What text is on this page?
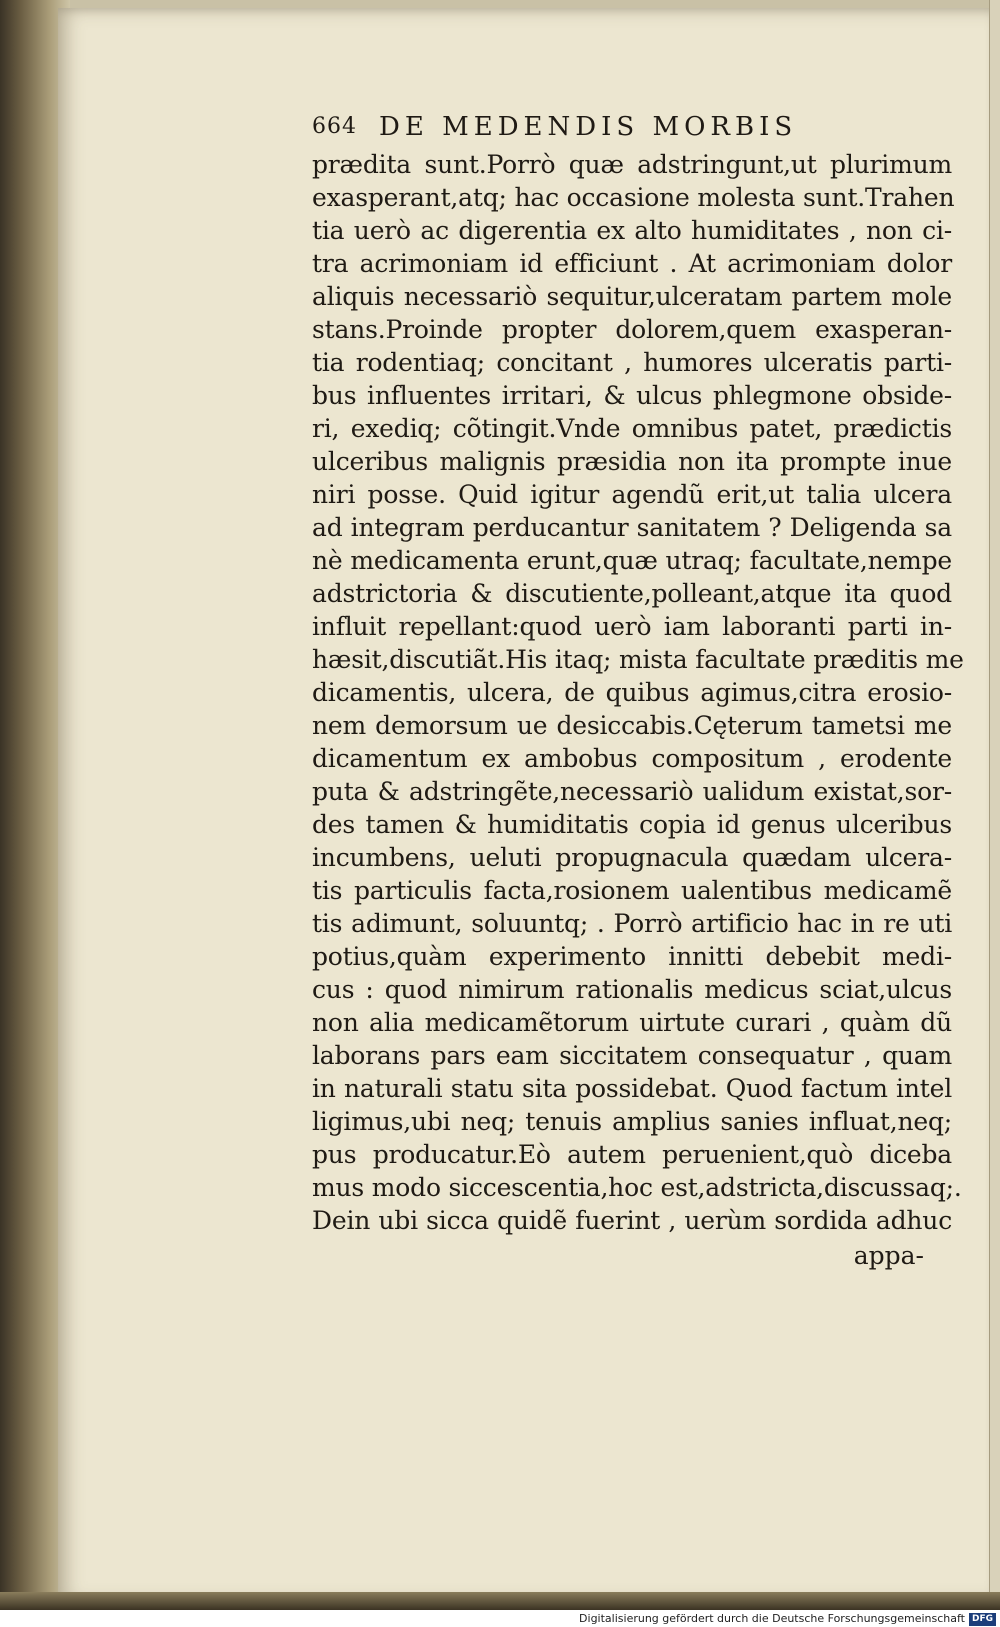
664 DE MEDENDIS MORBIS
prædita sunt.Porrò quæ adstringunt,ut plurimum
exasperant,atq; hac occasione molesta sunt.Trahen
tia uerò ac digerentia ex alto humiditates , non ci-
tra acrimoniam id efficiunt . At acrimoniam dolor
aliquis necessariò sequitur,ulceratam partem mole
stans.Proinde propter dolorem,quem exasperan-
tia rodentiaq; concitant , humores ulceratis parti-
bus influentes irritari, & ulcus phlegmone obside-
ri, exediq; cõtingit.Vnde omnibus patet, prædictis
ulceribus malignis præsidia non ita prompte inue
niri posse. Quid igitur agendũ erit,ut talia ulcera
ad integram perducantur sanitatem ? Deligenda sa
nè medicamenta erunt,quæ utraq; facultate,nempe
adstrictoria & discutiente,polleant,atque ita quod
influit repellant:quod uerò iam laboranti parti in-
hæsit,discutiãt.His itaq; mista facultate præditis me
dicamentis, ulcera, de quibus agimus,citra erosio-
nem demorsum ue desiccabis.Cęterum tametsi me
dicamentum ex ambobus compositum , erodente
puta & adstringẽte,necessariò ualidum existat,sor-
des tamen & humiditatis copia id genus ulceribus
incumbens, ueluti propugnacula quædam ulcera-
tis particulis facta,rosionem ualentibus medicamẽ
tis adimunt, soluuntq; . Porrò artificio hac in re uti
potius,quàm experimento innitti debebit medi-
cus : quod nimirum rationalis medicus sciat,ulcus
non alia medicamẽtorum uirtute curari , quàm dũ
laborans pars eam siccitatem consequatur , quam
in naturali statu sita possidebat. Quod factum intel
ligimus,ubi neq; tenuis amplius sanies influat,neq;
pus producatur.Eò autem peruenient,quò diceba
mus modo siccescentia,hoc est,adstricta,discussaq;.
Dein ubi sicca quidẽ fuerint , uerùm sordida adhuc
appa-
Digitalisierung gefördert durch die Deutsche Forschungsgemeinschaft DFG
